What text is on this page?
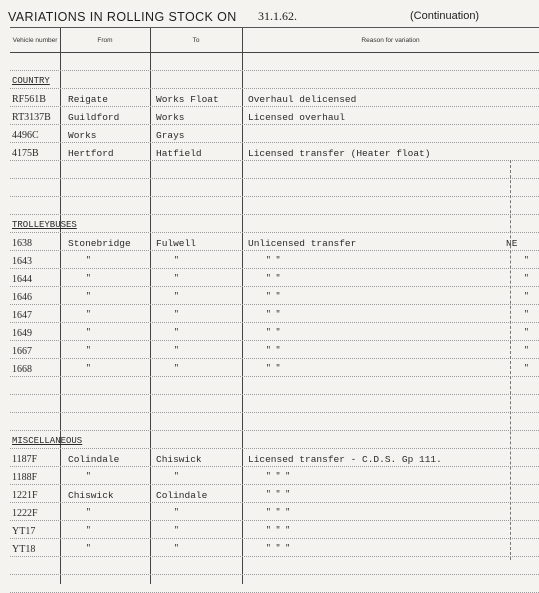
VARIATIONS IN ROLLING STOCK ON 31.1.62.	(Continuation)
Vehicle number	From	To	Reason for variation
COUNTRY
RF561B Reigate	Works Float	Overhaul delicensed
RT3137B Guildford	Works	Licensed overhaul
4496C	Works	Grays
4175B	Hertford	Hatfield	Licensed transfer (Heater float)
TROLLEYBUSES
1638	Stonebridge	Fulwell	Unlicensed transfer	NE
1643	"	"	" "	"
1644	"	"	" "	"
1646	"	"	" "	"
1647	"	"	" "	"
1649	"	"	" "	"
1667	"	"	" "	"
1668	"	"	" "	"
MISCELLANEOUS
1187F	Colindale	Chiswick	Licensed transfer - C.D.S. Gp 111.
1188F	"	"	" " "
1221F	Chiswick	Colindale	" " "
1222F	"	"	" " "
YT17	"	"	" " "
YT18	"	"	" " "
